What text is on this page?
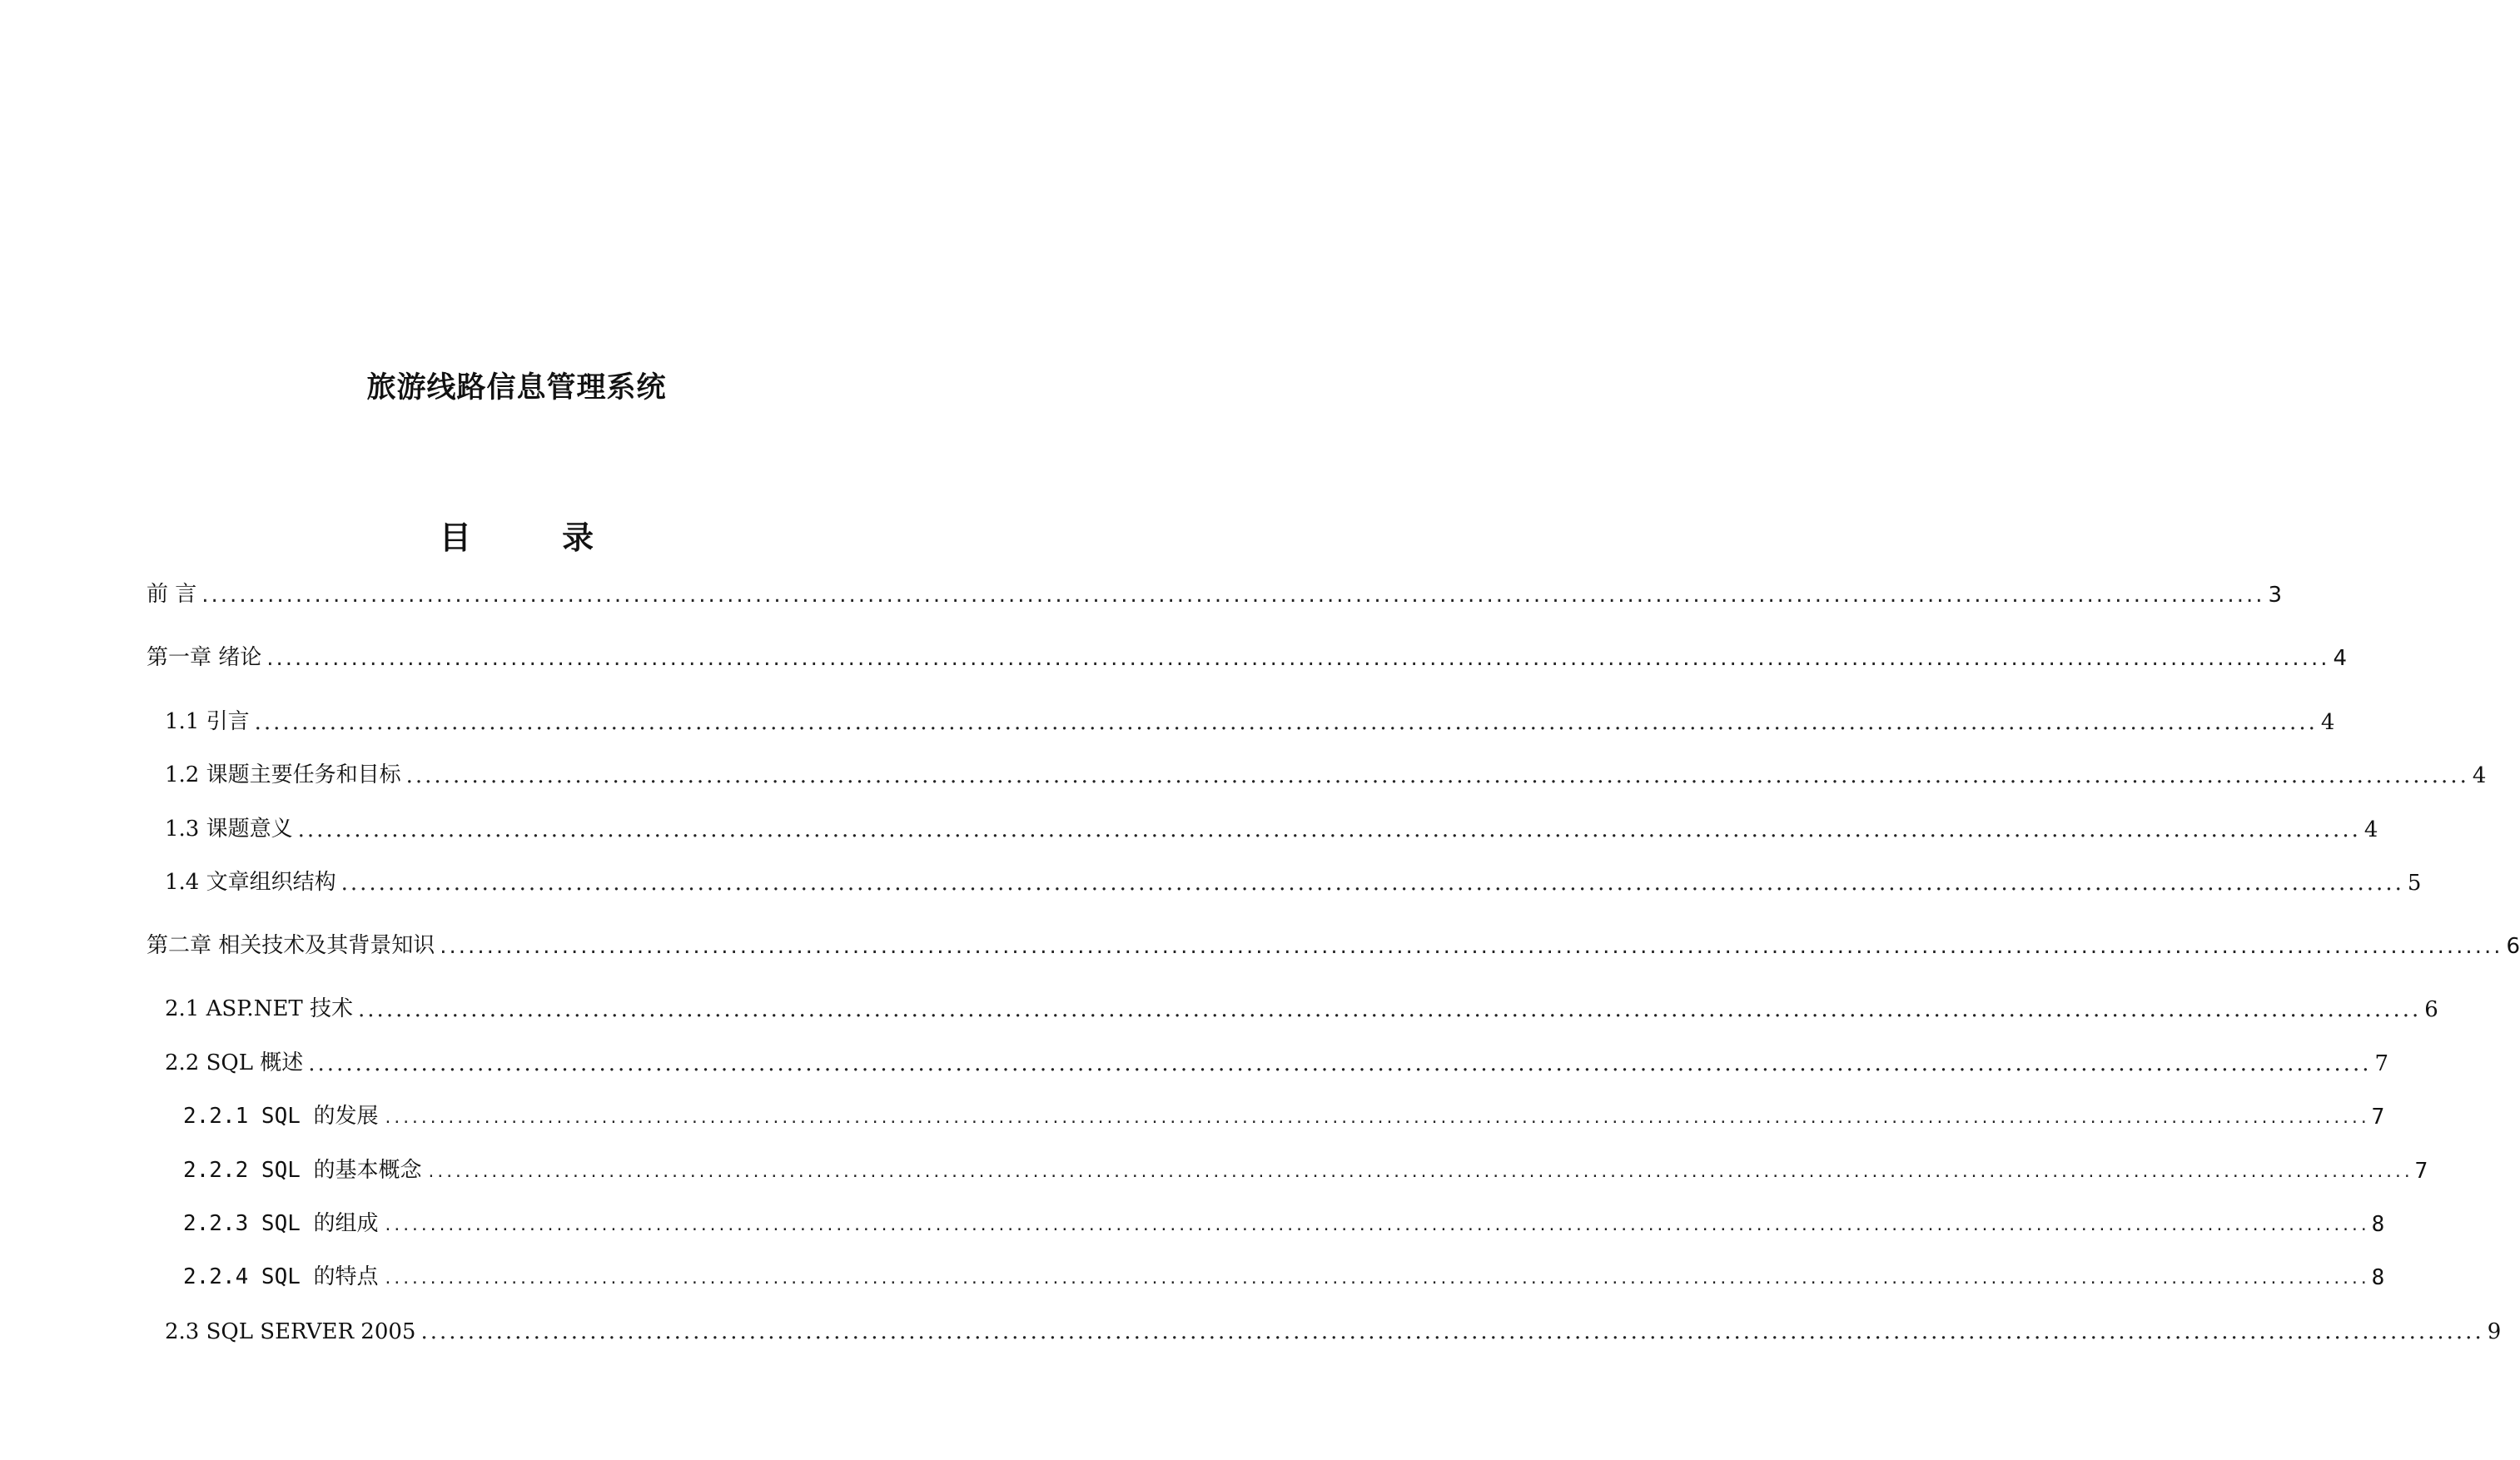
旅游线路信息管理系统
目 录
前 言 ............................................................................................................................................................................................................................ 3
第一章 绪论 ............................................................................................................................................................................................................................ 4
1.1 引言 ............................................................................................................................................................................................................................ 4
1.2 课题主要任务和目标 ............................................................................................................................................................................................................................ 4
1.3 课题意义 ............................................................................................................................................................................................................................ 4
1.4 文章组织结构 ............................................................................................................................................................................................................................ 5
第二章 相关技术及其背景知识 ............................................................................................................................................................................................................................ 6
2.1 ASP.NET 技术 ............................................................................................................................................................................................................................ 6
2.2 SQL 概述 ............................................................................................................................................................................................................................ 7
2.2.1 SQL 的发展 ............................................................................................................................................................................................................................ 7
2.2.2 SQL 的基本概念 ............................................................................................................................................................................................................................ 7
2.2.3 SQL 的组成 ............................................................................................................................................................................................................................ 8
2.2.4 SQL 的特点 ............................................................................................................................................................................................................................ 8
2.3 SQL SERVER 2005 ............................................................................................................................................................................................................................ 9
